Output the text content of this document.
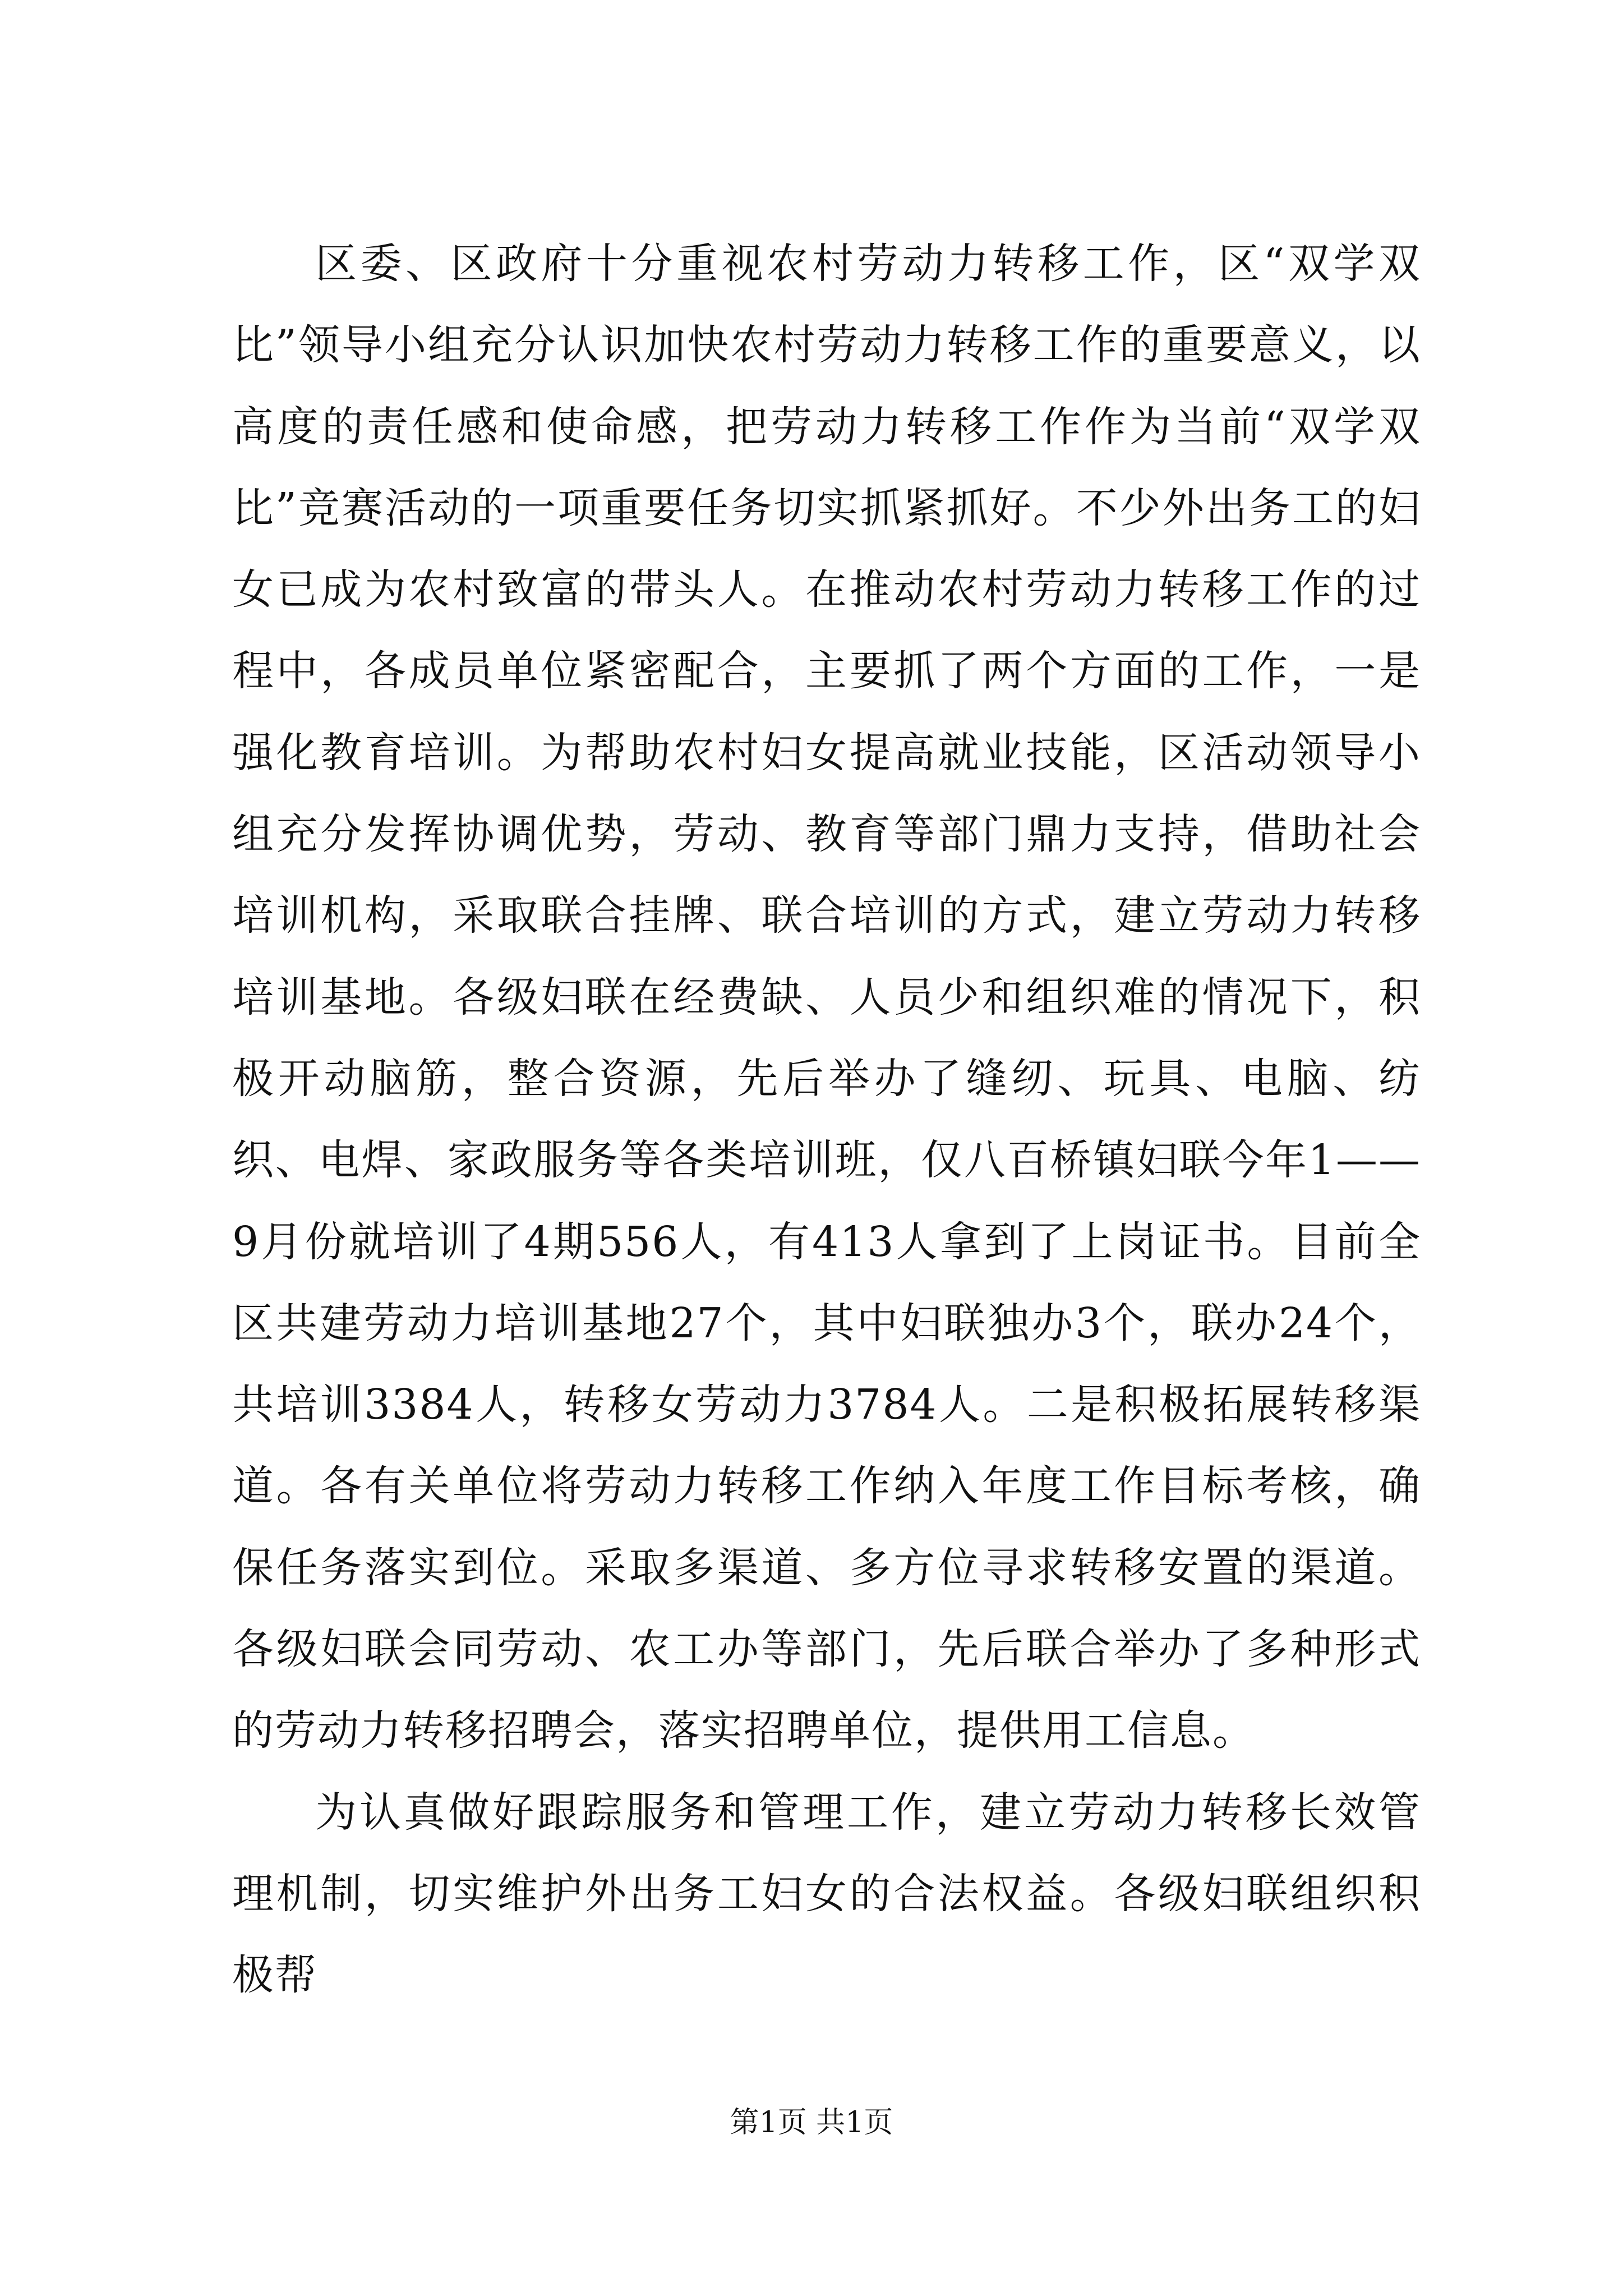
区委、区政府十分重视农村劳动力转移工作，区“双学双比”领导小组充分认识加快农村劳动力转移工作的重要意义，以高度的责任感和使命感，把劳动力转移工作作为当前“双学双比”竞赛活动的一项重要任务切实抓紧抓好。不少外出务工的妇女已成为农村致富的带头人。在推动农村劳动力转移工作的过程中，各成员单位紧密配合，主要抓了两个方面的工作，一是强化教育培训。为帮助农村妇女提高就业技能，区活动领导小组充分发挥协调优势，劳动、教育等部门鼎力支持，借助社会培训机构，采取联合挂牌、联合培训的方式，建立劳动力转移培训基地。各级妇联在经费缺、人员少和组织难的情况下，积极开动脑筋，整合资源，先后举办了缝纫、玩具、电脑、纺织、电焊、家政服务等各类培训班，仅八百桥镇妇联今年1——9月份就培训了4期556人，有413人拿到了上岗证书。目前全区共建劳动力培训基地27个，其中妇联独办3个，联办24个，共培训3384人，转移女劳动力3784人。二是积极拓展转移渠道。各有关单位将劳动力转移工作纳入年度工作目标考核，确保任务落实到位。采取多渠道、多方位寻求转移安置的渠道。各级妇联会同劳动、农工办等部门，先后联合举办了多种形式的劳动力转移招聘会，落实招聘单位，提供用工信息。

为认真做好跟踪服务和管理工作，建立劳动力转移长效管理机制，切实维护外出务工妇女的合法权益。各级妇联组织积极帮

第1页 共1页
